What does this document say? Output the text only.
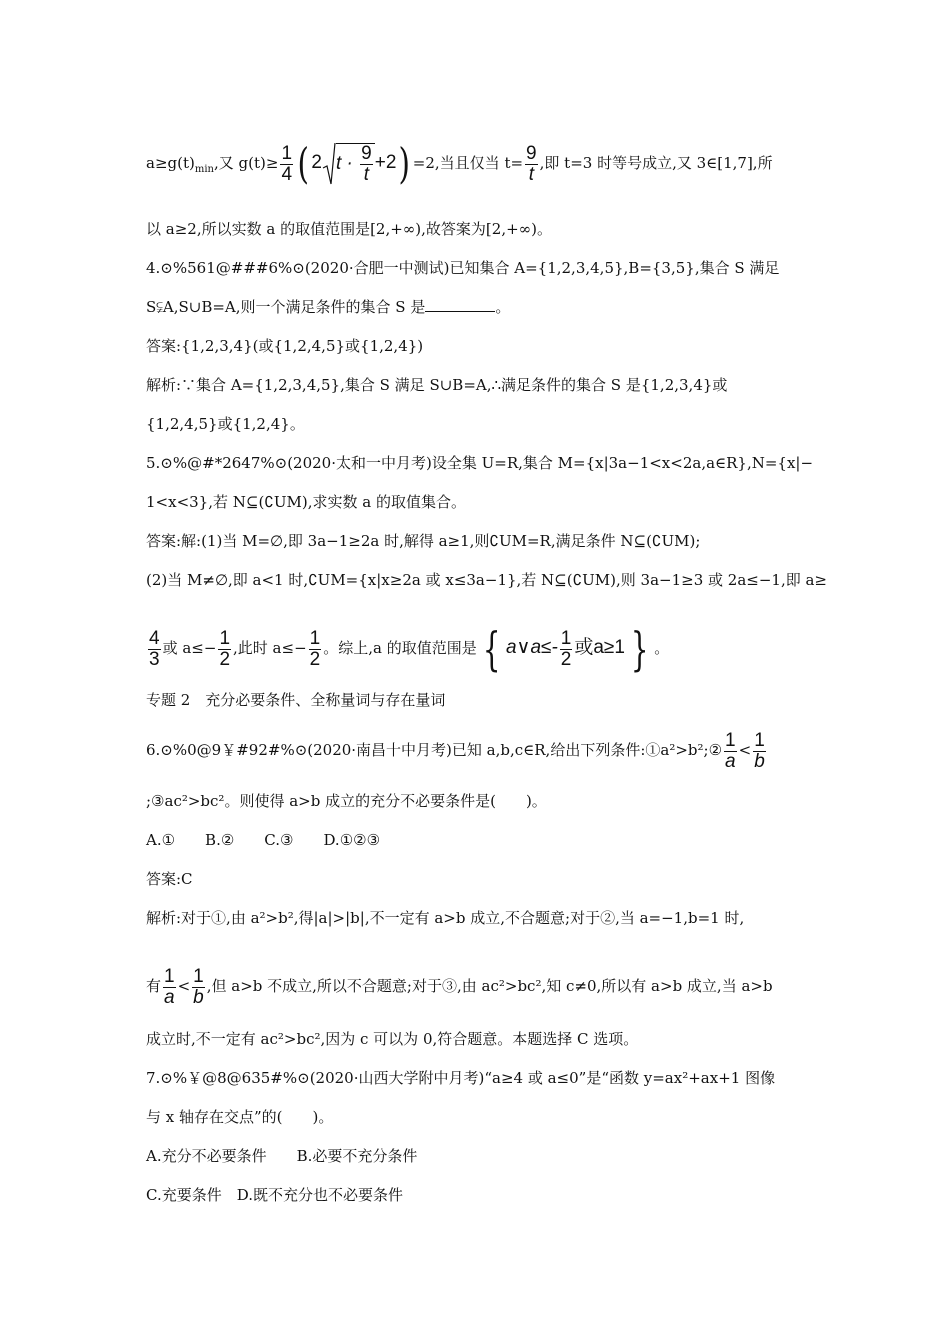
$a\ge g(t)_{min}$,又 $g(t)\ge \frac{1}{4}$ ( 2 $t \cdot \frac{9}{t} +2) =2$,当且仅当 $t= \frac{9}{t}$ ,即 t=3 时等号成立,又 3∈[1,7],所
以 a≥2,所以实数 a 的取值范围是[2,+∞),故答案为[2,+∞)。
4.⊙%561@###6%⊙(2020·合肥一中测试)已知集合 A={1,2,3,4,5},B={3,5},集合 S 满足
S⫋A,S∪B=A,则一个满足条件的集合 S 是	。
答案:{1,2,3,4}(或{1,2,4,5}或{1,2,4})
解析:∵集合 A={1,2,3,4,5},集合 S 满足 S∪B=A,∴满足条件的集合 S 是{1,2,3,4}或
{1,2,4,5}或{1,2,4}。
5.⊙%@#*2647%⊙(2020·太和一中月考)设全集 U=R,集合 M={x|3a−1<x<2a,a∈R},N={x|−
1<x<3},若 N⊆(∁UM),求实数 a 的取值集合。
答案:解:(1)当 M=∅,即 3a−1≥2a 时,解得 a≥1,则∁UM=R,满足条件 N⊆(∁UM);
(2)当 M≠∅,即 a<1 时,∁UM={x|x≥2a 或 x≤3a−1},若 N⊆(∁UM),则 3a−1≥3 或 2a≤−1,即 a≥
$\frac{4}{3}$ 或 $a\le- \frac{1}{2}$ ,此时 $a\le- \frac{1}{2}$ 。综上,a 的取值范围是 { a∨a≤- $\frac{1}{2}$ 或a≥1 } 。
专题 2　充分必要条件、全称量词与存在量词
6.⊙%0@9￥#92#%⊙(2020·南昌十中月考)已知 a,b,c∈R,给出下列条件:①a²>b²;② $\frac{1}{a} < \frac{1}{b}$
;③ac²>bc²。则使得 a>b 成立的充分不必要条件是(　　)。
A.①　　B.②　　C.③　　D.①②③
答案:C
解析:对于①,由 a²>b²,得|a|>|b|,不一定有 a>b 成立,不合题意;对于②,当 a=−1,b=1 时,
有 $\frac{1}{a} < \frac{1}{b}$ ,但 a>b 不成立,所以不合题意;对于③,由 ac²>bc²,知 c≠0,所以有 a>b 成立,当 a>b
成立时,不一定有 ac²>bc²,因为 c 可以为 0,符合题意。本题选择 C 选项。
7.⊙%￥@8@635#%⊙(2020·山西大学附中月考)“a≥4 或 a≤0”是“函数 y=ax²+ax+1 图像
与 x 轴存在交点”的(　　)。
A.充分不必要条件　　B.必要不充分条件
C.充要条件　D.既不充分也不必要条件
